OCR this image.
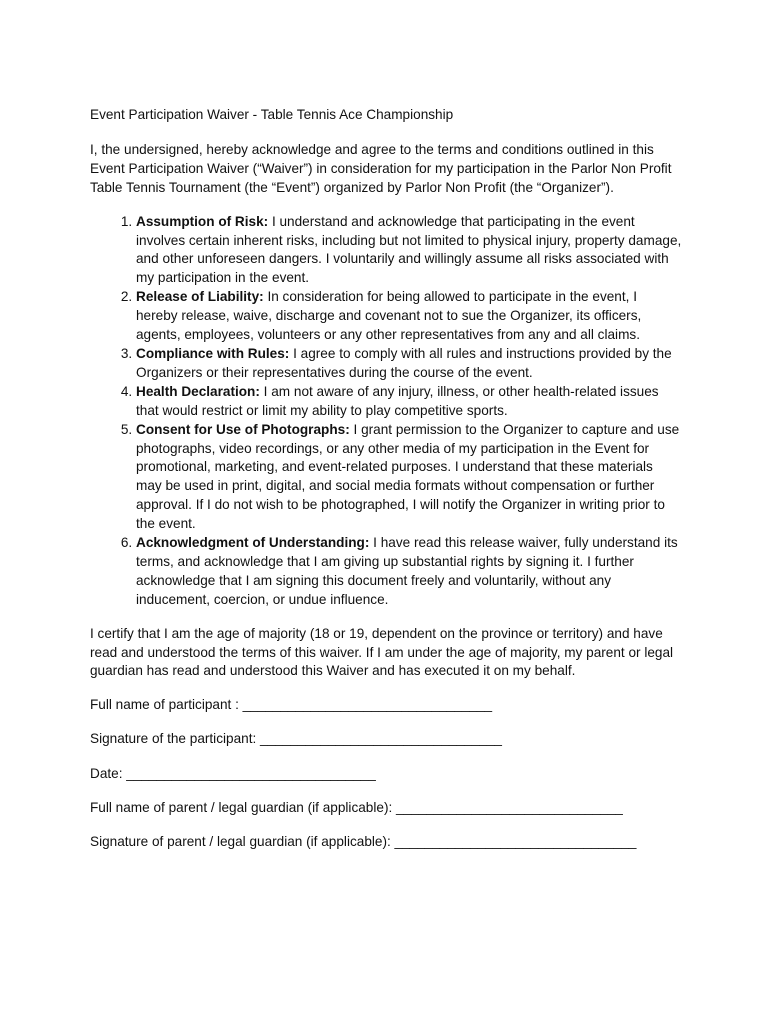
Event Participation Waiver - Table Tennis Ace Championship

I, the undersigned, hereby acknowledge and agree to the terms and conditions outlined in this Event Participation Waiver (“Waiver”) in consideration for my participation in the Parlor Non Profit Table Tennis Tournament (the “Event”) organized by Parlor Non Profit (the “Organizer”).

1. Assumption of Risk: I understand and acknowledge that participating in the event involves certain inherent risks, including but not limited to physical injury, property damage, and other unforeseen dangers. I voluntarily and willingly assume all risks associated with my participation in the event.
2. Release of Liability: In consideration for being allowed to participate in the event, I hereby release, waive, discharge and covenant not to sue the Organizer, its officers, agents, employees, volunteers or any other representatives from any and all claims.
3. Compliance with Rules: I agree to comply with all rules and instructions provided by the Organizers or their representatives during the course of the event.
4. Health Declaration: I am not aware of any injury, illness, or other health-related issues that would restrict or limit my ability to play competitive sports.
5. Consent for Use of Photographs: I grant permission to the Organizer to capture and use photographs, video recordings, or any other media of my participation in the Event for promotional, marketing, and event-related purposes. I understand that these materials may be used in print, digital, and social media formats without compensation or further approval. If I do not wish to be photographed, I will notify the Organizer in writing prior to the event.
6. Acknowledgment of Understanding: I have read this release waiver, fully understand its terms, and acknowledge that I am giving up substantial rights by signing it. I further acknowledge that I am signing this document freely and voluntarily, without any inducement, coercion, or undue influence.

I certify that I am the age of majority (18 or 19, dependent on the province or territory) and have read and understood the terms of this waiver. If I am under the age of majority, my parent or legal guardian has read and understood this Waiver and has executed it on my behalf.

Full name of participant : _________________________________

Signature of the participant: ________________________________

Date: _________________________________

Full name of parent / legal guardian (if applicable): ______________________________

Signature of parent / legal guardian (if applicable): ________________________________
